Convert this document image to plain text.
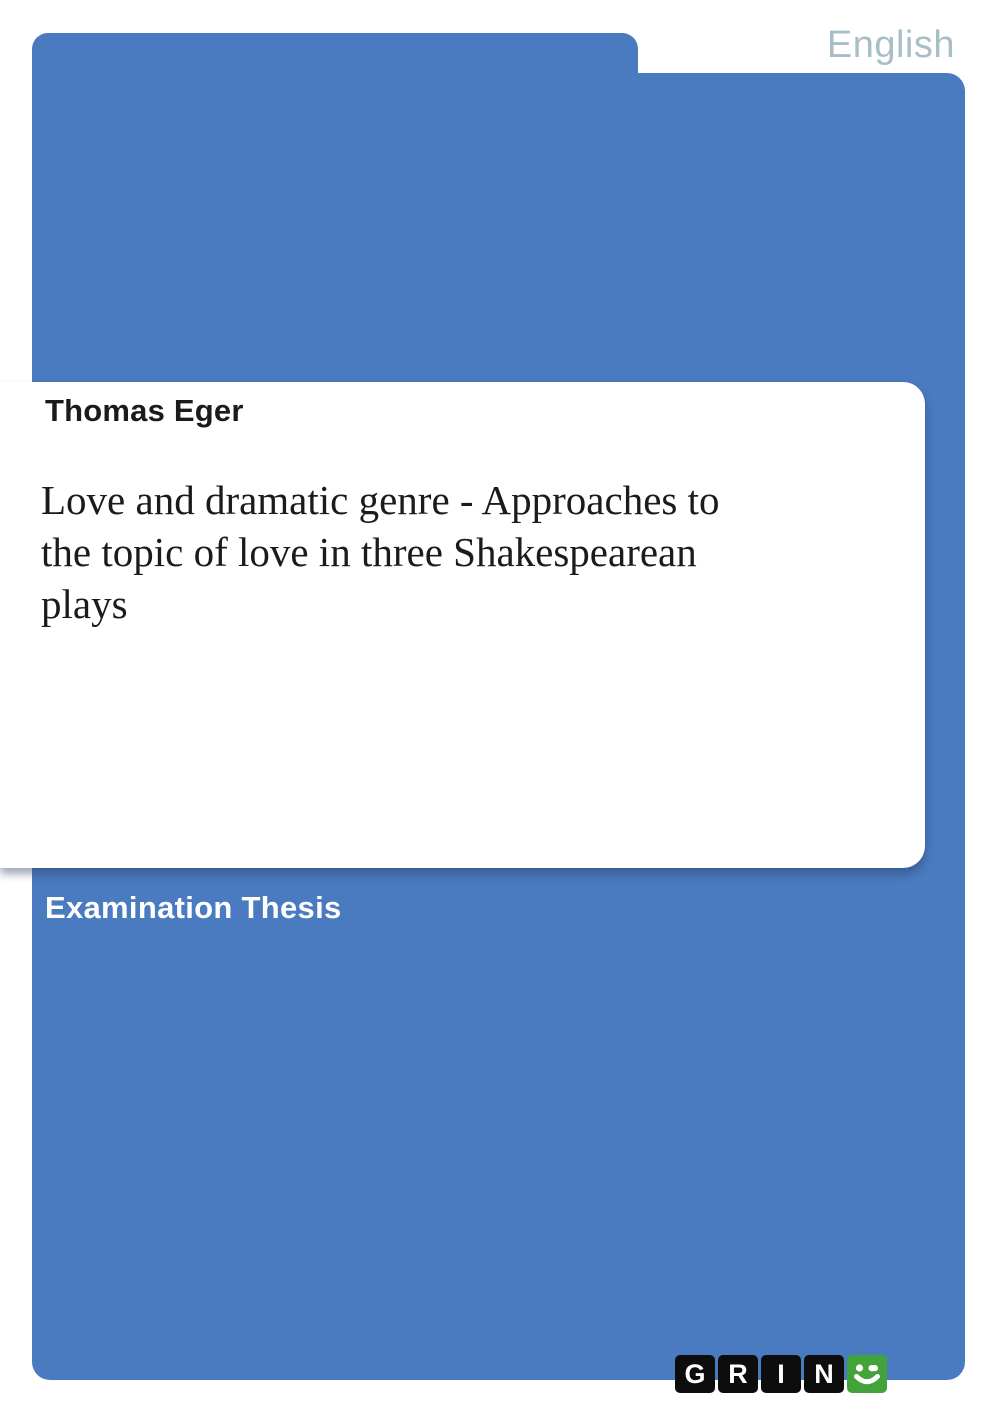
English
Thomas Eger
Love and dramatic genre - Approaches to
the topic of love in three Shakespearean
plays
Examination Thesis
G R I N
